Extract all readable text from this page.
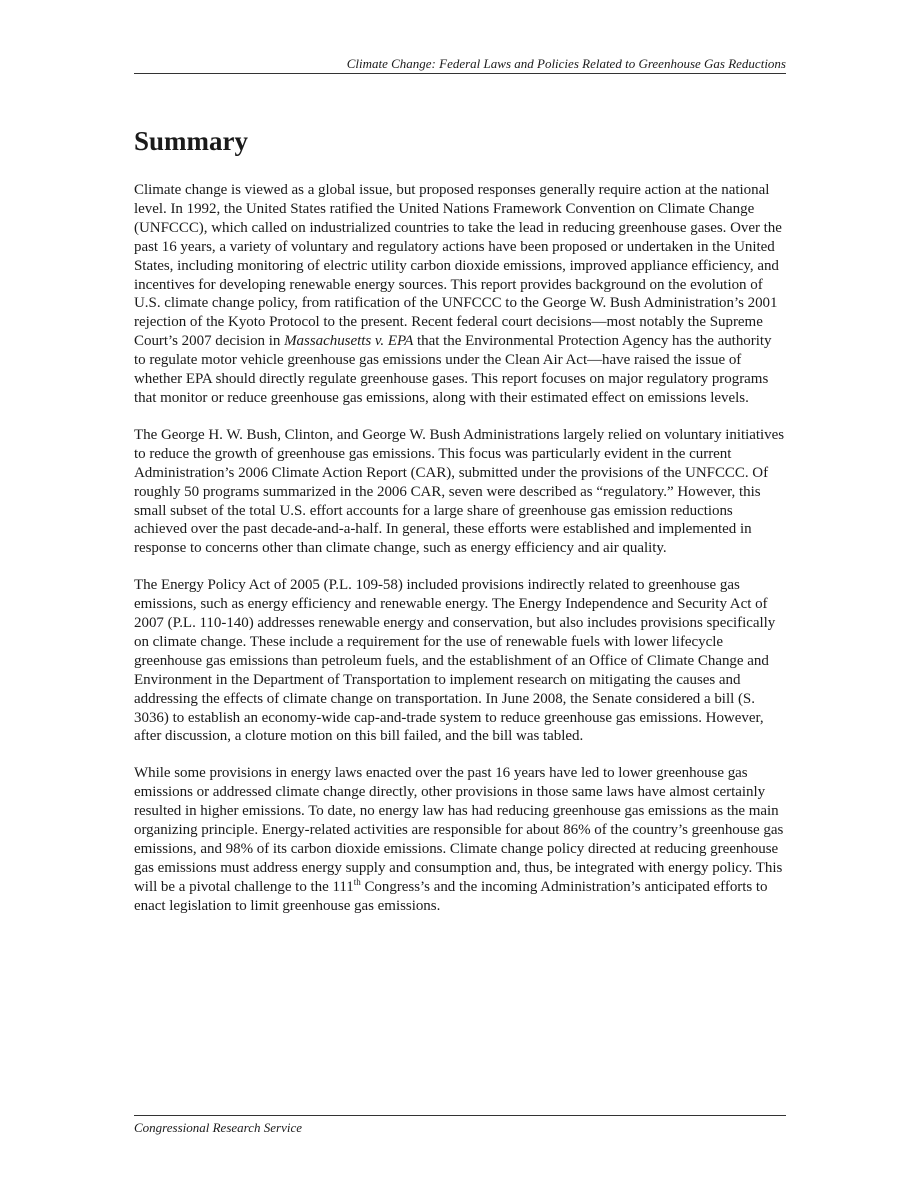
Climate Change: Federal Laws and Policies Related to Greenhouse Gas Reductions
Summary

Climate change is viewed as a global issue, but proposed responses generally require action at the national level. In 1992, the United States ratified the United Nations Framework Convention on Climate Change (UNFCCC), which called on industrialized countries to take the lead in reducing greenhouse gases. Over the past 16 years, a variety of voluntary and regulatory actions have been proposed or undertaken in the United States, including monitoring of electric utility carbon dioxide emissions, improved appliance efficiency, and incentives for developing renewable energy sources. This report provides background on the evolution of U.S. climate change policy, from ratification of the UNFCCC to the George W. Bush Administration’s 2001 rejection of the Kyoto Protocol to the present. Recent federal court decisions—most notably the Supreme Court’s 2007 decision in Massachusetts v. EPA that the Environmental Protection Agency has the authority to regulate motor vehicle greenhouse gas emissions under the Clean Air Act—have raised the issue of whether EPA should directly regulate greenhouse gases. This report focuses on major regulatory programs that monitor or reduce greenhouse gas emissions, along with their estimated effect on emissions levels.

The George H. W. Bush, Clinton, and George W. Bush Administrations largely relied on voluntary initiatives to reduce the growth of greenhouse gas emissions. This focus was particularly evident in the current Administration’s 2006 Climate Action Report (CAR), submitted under the provisions of the UNFCCC. Of roughly 50 programs summarized in the 2006 CAR, seven were described as “regulatory.” However, this small subset of the total U.S. effort accounts for a large share of greenhouse gas emission reductions achieved over the past decade-and-a-half. In general, these efforts were established and implemented in response to concerns other than climate change, such as energy efficiency and air quality.

The Energy Policy Act of 2005 (P.L. 109-58) included provisions indirectly related to greenhouse gas emissions, such as energy efficiency and renewable energy. The Energy Independence and Security Act of 2007 (P.L. 110-140) addresses renewable energy and conservation, but also includes provisions specifically on climate change. These include a requirement for the use of renewable fuels with lower lifecycle greenhouse gas emissions than petroleum fuels, and the establishment of an Office of Climate Change and Environment in the Department of Transportation to implement research on mitigating the causes and addressing the effects of climate change on transportation. In June 2008, the Senate considered a bill (S. 3036) to establish an economy-wide cap-and-trade system to reduce greenhouse gas emissions. However, after discussion, a cloture motion on this bill failed, and the bill was tabled.

While some provisions in energy laws enacted over the past 16 years have led to lower greenhouse gas emissions or addressed climate change directly, other provisions in those same laws have almost certainly resulted in higher emissions. To date, no energy law has had reducing greenhouse gas emissions as the main organizing principle. Energy-related activities are responsible for about 86% of the country’s greenhouse gas emissions, and 98% of its carbon dioxide emissions. Climate change policy directed at reducing greenhouse gas emissions must address energy supply and consumption and, thus, be integrated with energy policy. This will be a pivotal challenge to the 111th Congress’s and the incoming Administration’s anticipated efforts to enact legislation to limit greenhouse gas emissions.

Congressional Research Service
